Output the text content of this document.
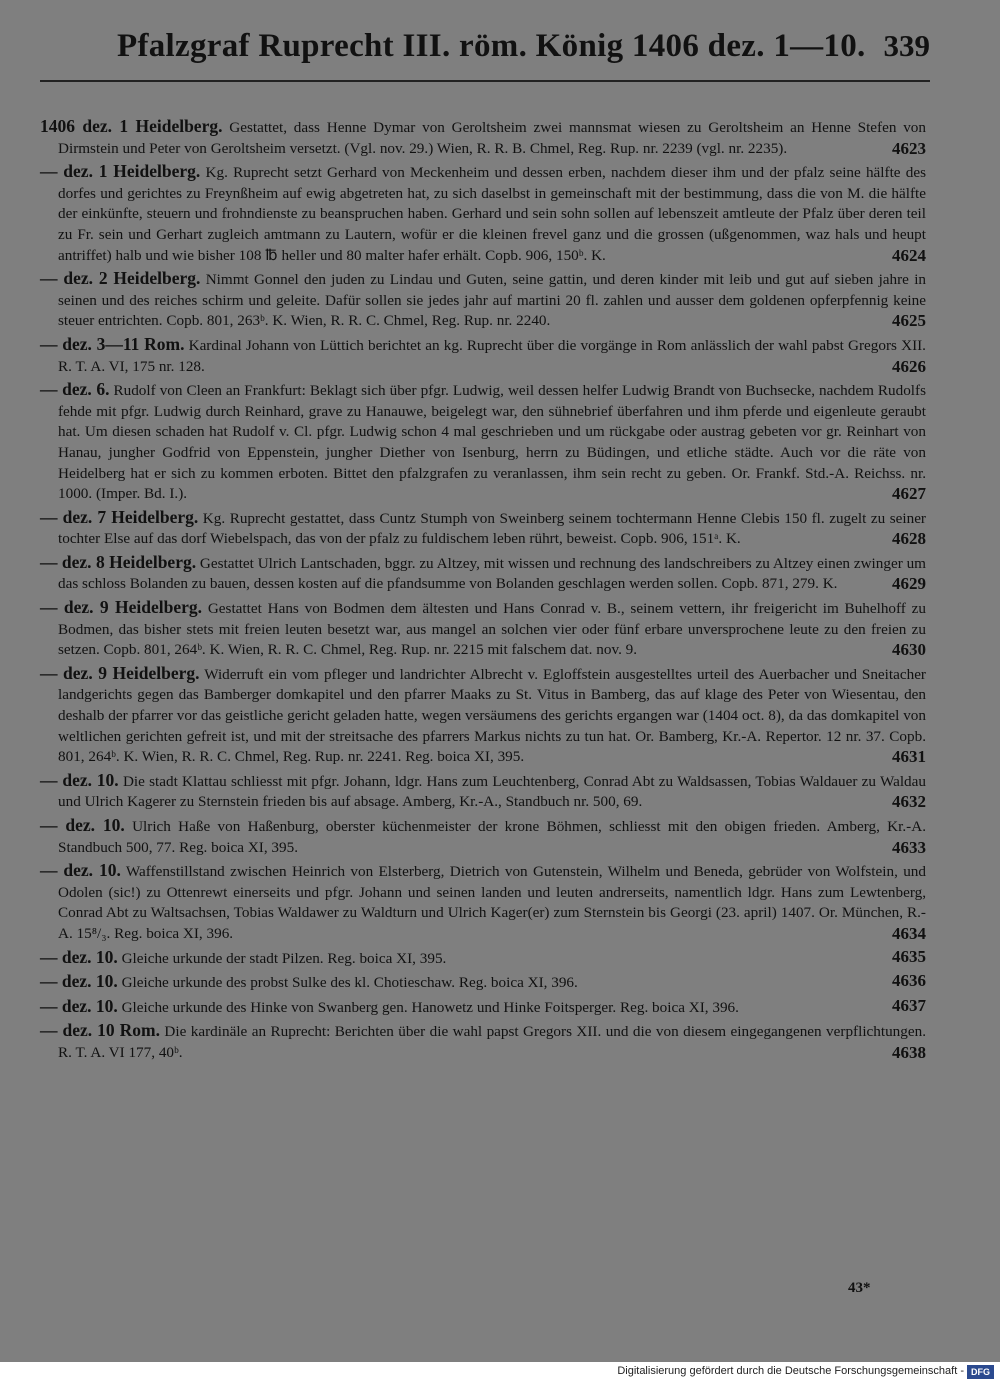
Pfalzgraf Ruprecht III. röm. König 1406 dez. 1—10. 339
1406 dez. 1 Heidelberg. Gestattet, dass Henne Dymar von Geroltsheim zwei mannsmat wiesen zu Geroltsheim an Henne Stefen von Dirmstein und Peter von Geroltsheim versetzt. (Vgl. nov. 29.) Wien, R. R. B. Chmel, Reg. Rup. nr. 2239 (vgl. nr. 2235).	4623
— dez. 1 Heidelberg. Kg. Ruprecht setzt Gerhard von Meckenheim und dessen erben, nachdem dieser ihm und der pfalz seine hälfte des dorfes und gerichtes zu Freynßheim auf ewig abgetreten hat, zu sich daselbst in gemeinschaft mit der bestimmung, dass die von M. die hälfte der einkünfte, steuern und frohndienste zu beanspruchen haben. Gerhard und sein sohn sollen auf lebenszeit amtleute der Pfalz über deren teil zu Fr. sein und Gerhart zugleich amtmann zu Lautern, wofür er die kleinen frevel ganz und die grossen (ußgenommen, waz hals und heupt antriffet) halb und wie bisher 108 ℔ heller und 80 malter hafer erhält. Copb. 906, 150ᵇ. K.	4624
— dez. 2 Heidelberg. Nimmt Gonnel den juden zu Lindau und Guten, seine gattin, und deren kinder mit leib und gut auf sieben jahre in seinen und des reiches schirm und geleite. Dafür sollen sie jedes jahr auf martini 20 fl. zahlen und ausser dem goldenen opferpfennig keine steuer entrichten. Copb. 801, 263ᵇ. K. Wien, R. R. C. Chmel, Reg. Rup. nr. 2240.	4625
— dez. 3—11 Rom. Kardinal Johann von Lüttich berichtet an kg. Ruprecht über die vorgänge in Rom anlässlich der wahl pabst Gregors XII. R. T. A. VI, 175 nr. 128.	4626
— dez. 6. Rudolf von Cleen an Frankfurt: Beklagt sich über pfgr. Ludwig, weil dessen helfer Ludwig Brandt von Buchsecke, nachdem Rudolfs fehde mit pfgr. Ludwig durch Reinhard, grave zu Hanauwe, beigelegt war, den sühnebrief überfahren und ihm pferde und eigenleute geraubt hat. Um diesen schaden hat Rudolf v. Cl. pfgr. Ludwig schon 4 mal geschrieben und um rückgabe oder austrag gebeten vor gr. Reinhart von Hanau, jungher Godfrid von Eppenstein, jungher Diether von Isenburg, herrn zu Büdingen, und etliche städte. Auch vor die räte von Heidelberg hat er sich zu kommen erboten. Bittet den pfalzgrafen zu veranlassen, ihm sein recht zu geben. Or. Frankf. Std.-A. Reichss. nr. 1000. (Imper. Bd. I.).	4627
— dez. 7 Heidelberg. Kg. Ruprecht gestattet, dass Cuntz Stumph von Sweinberg seinem tochtermann Henne Clebis 150 fl. zugelt zu seiner tochter Else auf das dorf Wiebelspach, das von der pfalz zu fuldischem leben rührt, beweist. Copb. 906, 151ᵃ. K.	4628
— dez. 8 Heidelberg. Gestattet Ulrich Lantschaden, bggr. zu Altzey, mit wissen und rechnung des landschreibers zu Altzey einen zwinger um das schloss Bolanden zu bauen, dessen kosten auf die pfandsumme von Bolanden geschlagen werden sollen. Copb. 871, 279. K.	4629
— dez. 9 Heidelberg. Gestattet Hans von Bodmen dem ältesten und Hans Conrad v. B., seinem vettern, ihr freigericht im Buhelhoff zu Bodmen, das bisher stets mit freien leuten besetzt war, aus mangel an solchen vier oder fünf erbare unversprochene leute zu den freien zu setzen. Copb. 801, 264ᵇ. K. Wien, R. R. C. Chmel, Reg. Rup. nr. 2215 mit falschem dat. nov. 9.	4630
— dez. 9 Heidelberg. Widerruft ein vom pfleger und landrichter Albrecht v. Egloffstein ausgestelltes urteil des Auerbacher und Sneitacher landgerichts gegen das Bamberger domkapitel und den pfarrer Maaks zu St. Vitus in Bamberg, das auf klage des Peter von Wiesentau, den deshalb der pfarrer vor das geistliche gericht geladen hatte, wegen versäumens des gerichts ergangen war (1404 oct. 8), da das domkapitel von weltlichen gerichten gefreit ist, und mit der streitsache des pfarrers Markus nichts zu tun hat. Or. Bamberg, Kr.-A. Repertor. 12 nr. 37. Copb. 801, 264ᵇ. K. Wien, R. R. C. Chmel, Reg. Rup. nr. 2241. Reg. boica XI, 395.	4631
— dez. 10. Die stadt Klattau schliesst mit pfgr. Johann, ldgr. Hans zum Leuchtenberg, Conrad Abt zu Waldsassen, Tobias Waldauer zu Waldau und Ulrich Kagerer zu Sternstein frieden bis auf absage. Amberg, Kr.-A., Standbuch nr. 500, 69.	4632
— dez. 10. Ulrich Haße von Haßenburg, oberster küchenmeister der krone Böhmen, schliesst mit den obigen frieden. Amberg, Kr.-A. Standbuch 500, 77. Reg. boica XI, 395.	4633
— dez. 10. Waffenstillstand zwischen Heinrich von Elsterberg, Dietrich von Gutenstein, Wilhelm und Beneda, gebrüder von Wolfstein, und Odolen (sic!) zu Ottenrewt einerseits und pfgr. Johann und seinen landen und leuten andrerseits, namentlich ldgr. Hans zum Lewtenberg, Conrad Abt zu Waltsachsen, Tobias Waldawer zu Waldturn und Ulrich Kager(er) zum Sternstein bis Georgi (23. april) 1407. Or. München, R.-A. 15⁸/₃. Reg. boica XI, 396.	4634
— dez. 10. Gleiche urkunde der stadt Pilzen. Reg. boica XI, 395.	4635
— dez. 10. Gleiche urkunde des probst Sulke des kl. Chotieschaw. Reg. boica XI, 396.	4636
— dez. 10. Gleiche urkunde des Hinke von Swanberg gen. Hanowetz und Hinke Foitsperger. Reg. boica XI, 396.	4637
— dez. 10 Rom. Die kardinäle an Ruprecht: Berichten über die wahl papst Gregors XII. und die von diesem eingegangenen verpflichtungen. R. T. A. VI 177, 40ᵇ.	4638
43*
Digitalisierung gefördert durch die Deutsche Forschungsgemeinschaft - DFG
